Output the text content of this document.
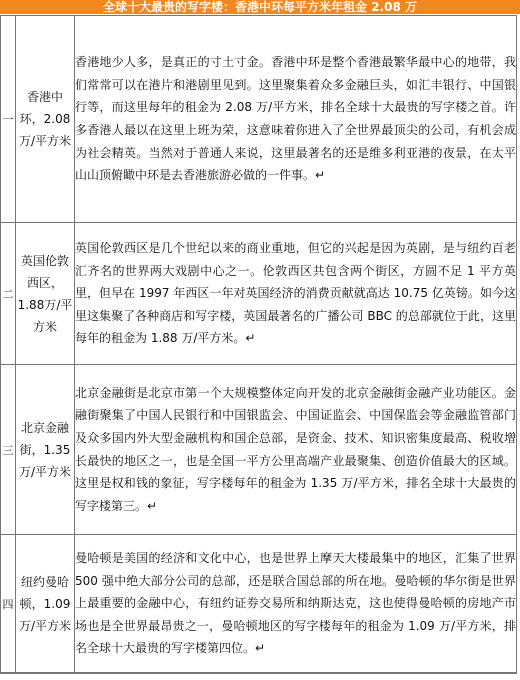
全球十大最贵的写字楼：香港中环每平方米年租金 2.08 万
一	香港中环，2.08万/平方米	香港地少人多，是真正的寸土寸金。香港中环是整个香港最繁华最中心的地带，我们常常可以在港片和港剧里见到。这里聚集着众多金融巨头，如汇丰银行、中国银行等，而这里每年的租金为 2.08 万/平方米，排名全球十大最贵的写字楼之首。许多香港人最以在这里上班为荣，这意味着你进入了全世界最顶尖的公司，有机会成为社会精英。当然对于普通人来说，这里最著名的还是维多利亚港的夜景，在太平山山顶俯瞰中环是去香港旅游必做的一件事。↵
二	英国伦敦西区，1.88万/平方米	英国伦敦西区是几个世纪以来的商业重地，但它的兴起是因为英剧，是与纽约百老汇齐名的世界两大戏剧中心之一。伦敦西区共包含两个街区，方圆不足 1 平方英里，但早在 1997 年西区一年对英国经济的消费贡献就高达 10.75 亿英镑。如今这里这集聚了各种商店和写字楼，英国最著名的广播公司 BBC 的总部就位于此，这里每年的租金为 1.88 万/平方米。↵
三	北京金融街，1.35万/平方米	北京金融街是北京市第一个大规模整体定向开发的北京金融街金融产业功能区。金融街聚集了中国人民银行和中国银监会、中国证监会、中国保监会等金融监管部门及众多国内外大型金融机构和国企总部，是资金、技术、知识密集度最高、税收增长最快的地区之一，也是全国一平方公里高端产业最聚集、创造价值最大的区域。这里是权和钱的象征，写字楼每年的租金为 1.35 万/平方米，排名全球十大最贵的写字楼第三。↵
四	纽约曼哈顿，1.09万/平方米	曼哈顿是美国的经济和文化中心，也是世界上摩天大楼最集中的地区，汇集了世界 500 强中绝大部分公司的总部，还是联合国总部的所在地。曼哈顿的华尔街是世界上最重要的金融中心，有纽约证券交易所和纳斯达克，这也使得曼哈顿的房地产市场也是全世界最昂贵之一，曼哈顿地区的写字楼每年的租金为 1.09 万/平方米，排名全球十大最贵的写字楼第四位。↵
